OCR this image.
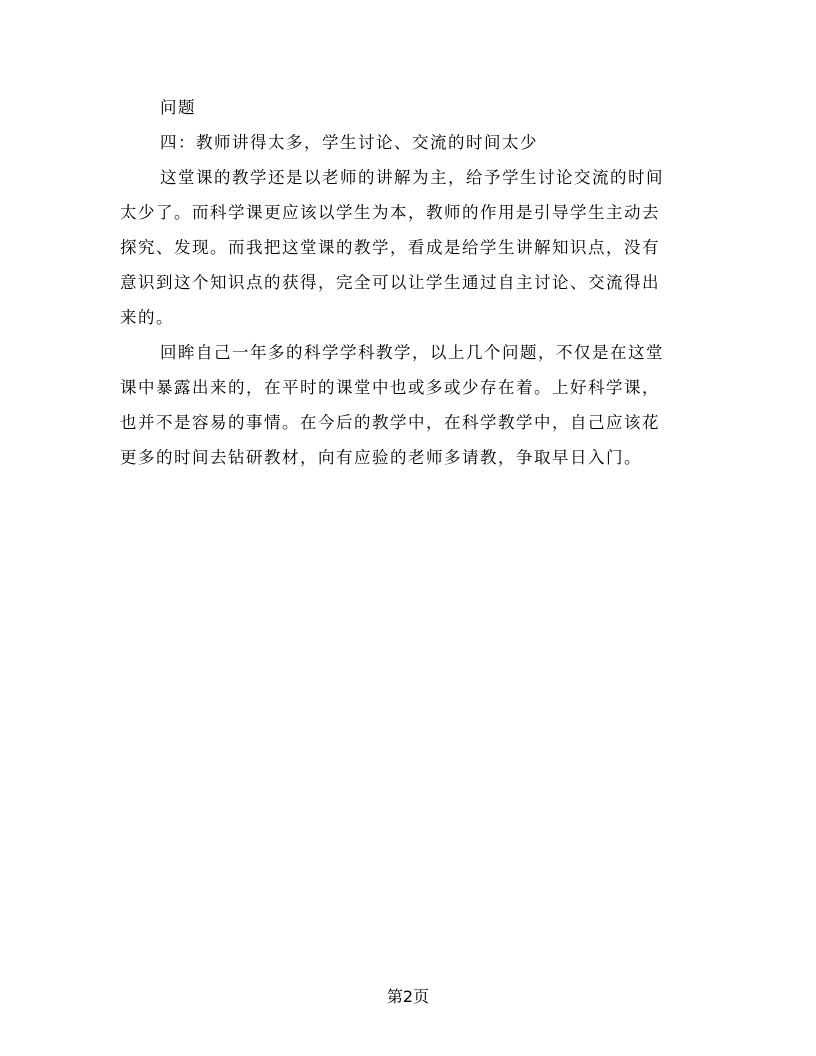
问题
四：教师讲得太多，学生讨论、交流的时间太少
这堂课的教学还是以老师的讲解为主，给予学生讨论交流的时间
太少了。而科学课更应该以学生为本，教师的作用是引导学生主动去
探究、发现。而我把这堂课的教学，看成是给学生讲解知识点，没有
意识到这个知识点的获得，完全可以让学生通过自主讨论、交流得出
来的。
回眸自己一年多的科学学科教学，以上几个问题，不仅是在这堂
课中暴露出来的，在平时的课堂中也或多或少存在着。上好科学课，
也并不是容易的事情。在今后的教学中，在科学教学中，自己应该花
更多的时间去钻研教材，向有应验的老师多请教，争取早日入门。
第2页
